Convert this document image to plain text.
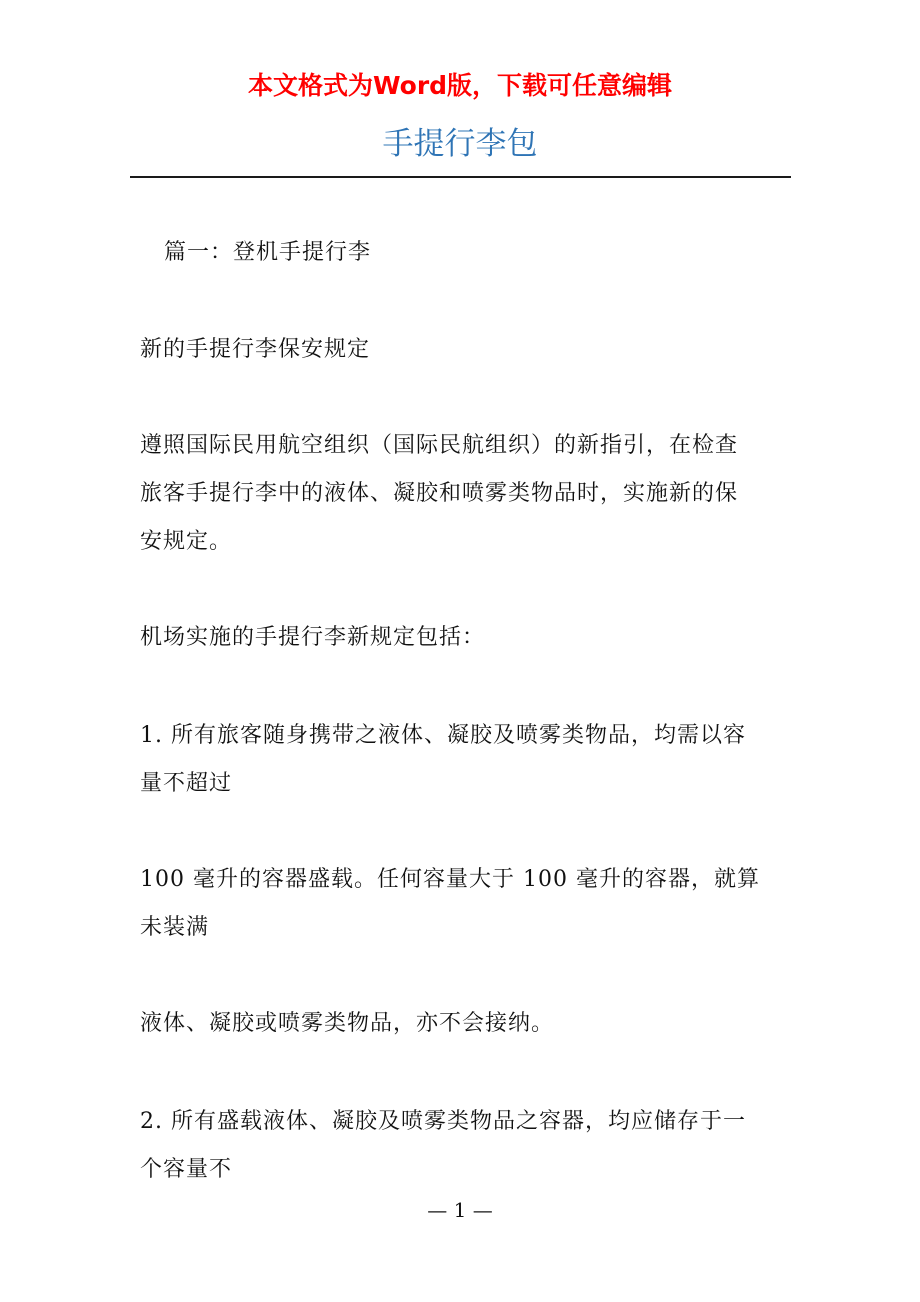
本文格式为Word版，下载可任意编辑
手提行李包

篇一：登机手提行李

新的手提行李保安规定

遵照国际民用航空组织（国际民航组织）的新指引，在检查

旅客手提行李中的液体、凝胶和喷雾类物品时，实施新的保

安规定。

机场实施的手提行李新规定包括：

1. 所有旅客随身携带之液体、凝胶及喷雾类物品，均需以容

量不超过

100 毫升的容器盛载。任何容量大于 100 毫升的容器，就算

未装满

液体、凝胶或喷雾类物品，亦不会接纳。

2. 所有盛载液体、凝胶及喷雾类物品之容器，均应储存于一

个容量不

— 1 —
